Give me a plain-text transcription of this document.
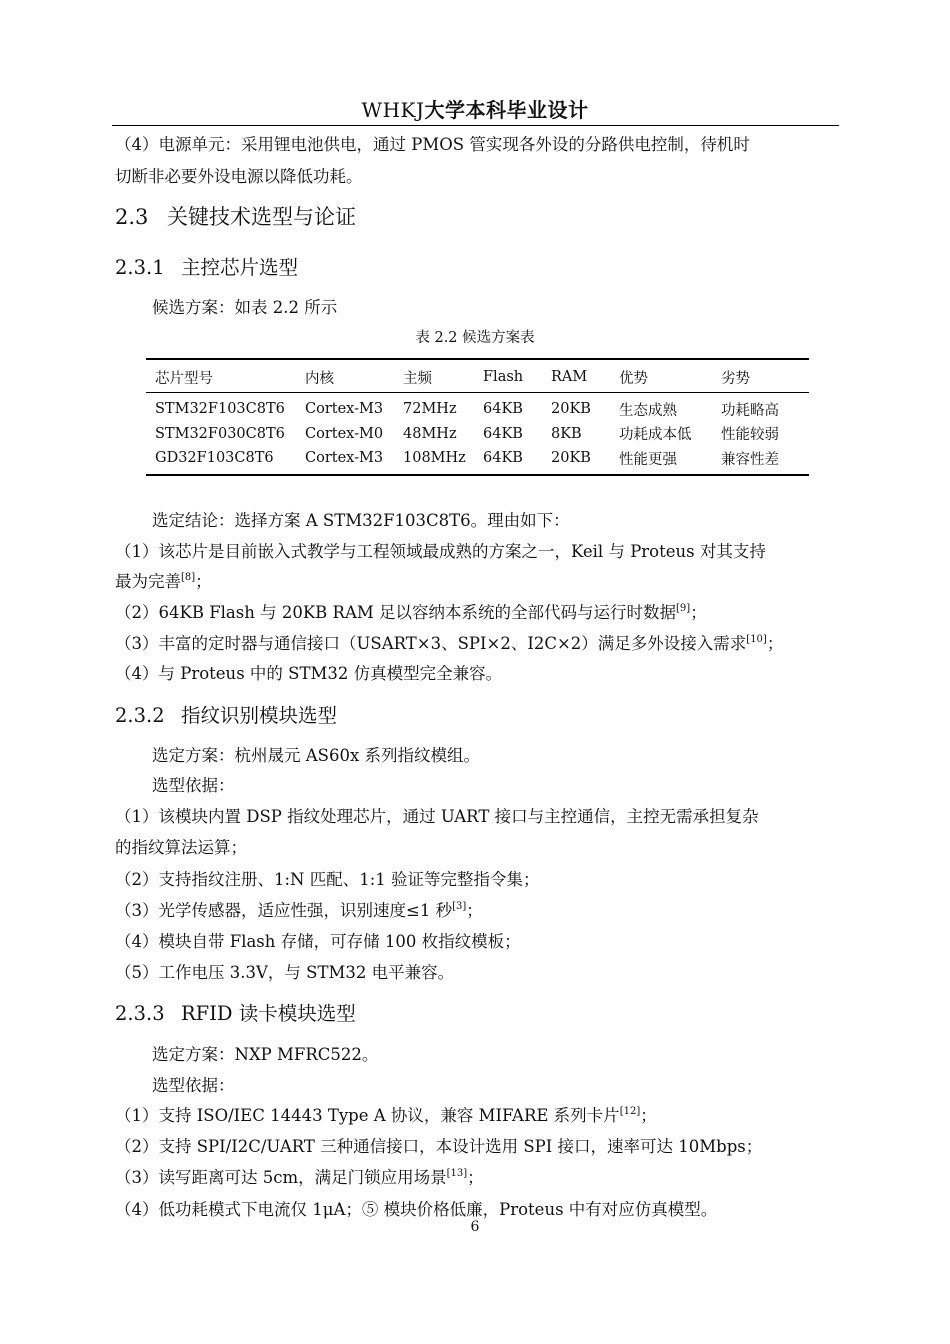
WHKJ大学本科毕业设计
（4）电源单元：采用锂电池供电，通过 PMOS 管实现各外设的分路供电控制，待机时
切断非必要外设电源以降低功耗。
2.3 关键技术选型与论证
2.3.1 主控芯片选型
候选方案：如表 2.2 所示
表 2.2 候选方案表
芯片型号	内核	主频	Flash	RAM	优势	劣势
STM32F103C8T6	Cortex-M3	72MHz	64KB	20KB	生态成熟	功耗略高
STM32F030C8T6	Cortex-M0	48MHz	64KB	8KB	功耗成本低	性能较弱
GD32F103C8T6	Cortex-M3	108MHz	64KB	20KB	性能更强	兼容性差
选定结论：选择方案 A STM32F103C8T6。理由如下：
（1）该芯片是目前嵌入式教学与工程领域最成熟的方案之一，Keil 与 Proteus 对其支持
最为完善[8]；
（2）64KB Flash 与 20KB RAM 足以容纳本系统的全部代码与运行时数据[9]；
（3）丰富的定时器与通信接口（USART×3、SPI×2、I2C×2）满足多外设接入需求[10]；
（4）与 Proteus 中的 STM32 仿真模型完全兼容。
2.3.2 指纹识别模块选型
选定方案：杭州晟元 AS60x 系列指纹模组。
选型依据：
（1）该模块内置 DSP 指纹处理芯片，通过 UART 接口与主控通信，主控无需承担复杂
的指纹算法运算；
（2）支持指纹注册、1:N 匹配、1:1 验证等完整指令集；
（3）光学传感器，适应性强，识别速度≤1 秒[3]；
（4）模块自带 Flash 存储，可存储 100 枚指纹模板；
（5）工作电压 3.3V，与 STM32 电平兼容。
2.3.3 RFID 读卡模块选型
选定方案：NXP MFRC522。
选型依据：
（1）支持 ISO/IEC 14443 Type A 协议，兼容 MIFARE 系列卡片[12]；
（2）支持 SPI/I2C/UART 三种通信接口，本设计选用 SPI 接口，速率可达 10Mbps；
（3）读写距离可达 5cm，满足门锁应用场景[13]；
（4）低功耗模式下电流仅 1μA；⑤ 模块价格低廉，Proteus 中有对应仿真模型。
6
